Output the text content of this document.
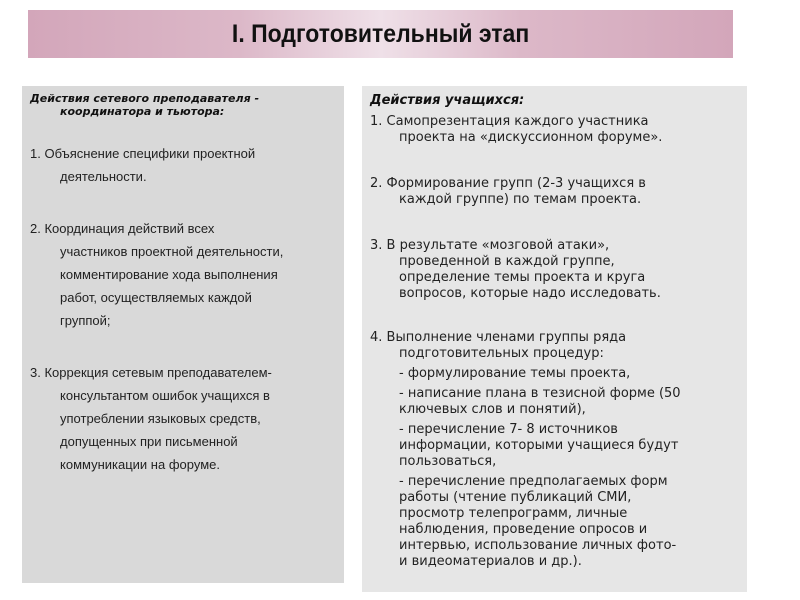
I. Подготовительный этап
Действия сетевого преподавателя -
координатора и тьютора:
1. Объяснение специфики проектной
деятельности.
2. Координация действий всех
участников проектной деятельности,
комментирование хода выполнения
работ, осуществляемых каждой
группой;
3. Коррекция сетевым преподавателем-
консультантом ошибок учащихся в
употреблении языковых средств,
допущенных при письменной
коммуникации на форуме.
Действия учащихся:
1. Самопрезентация каждого участника
проекта на «дискуссионном форуме».
2. Формирование групп (2-3 учащихся в
каждой группе) по темам проекта.
3. В результате «мозговой атаки»,
проведенной в каждой группе,
определение темы проекта и круга
вопросов, которые надо исследовать.
4. Выполнение членами группы ряда
подготовительных процедур:
- формулирование темы проекта,
- написание плана в тезисной форме (50
ключевых слов и понятий),
- перечисление 7- 8 источников
информации, которыми учащиеся будут
пользоваться,
- перечисление предполагаемых форм
работы (чтение публикаций СМИ,
просмотр телепрограмм, личные
наблюдения, проведение опросов и
интервью, использование личных фото-
и видеоматериалов и др.).
